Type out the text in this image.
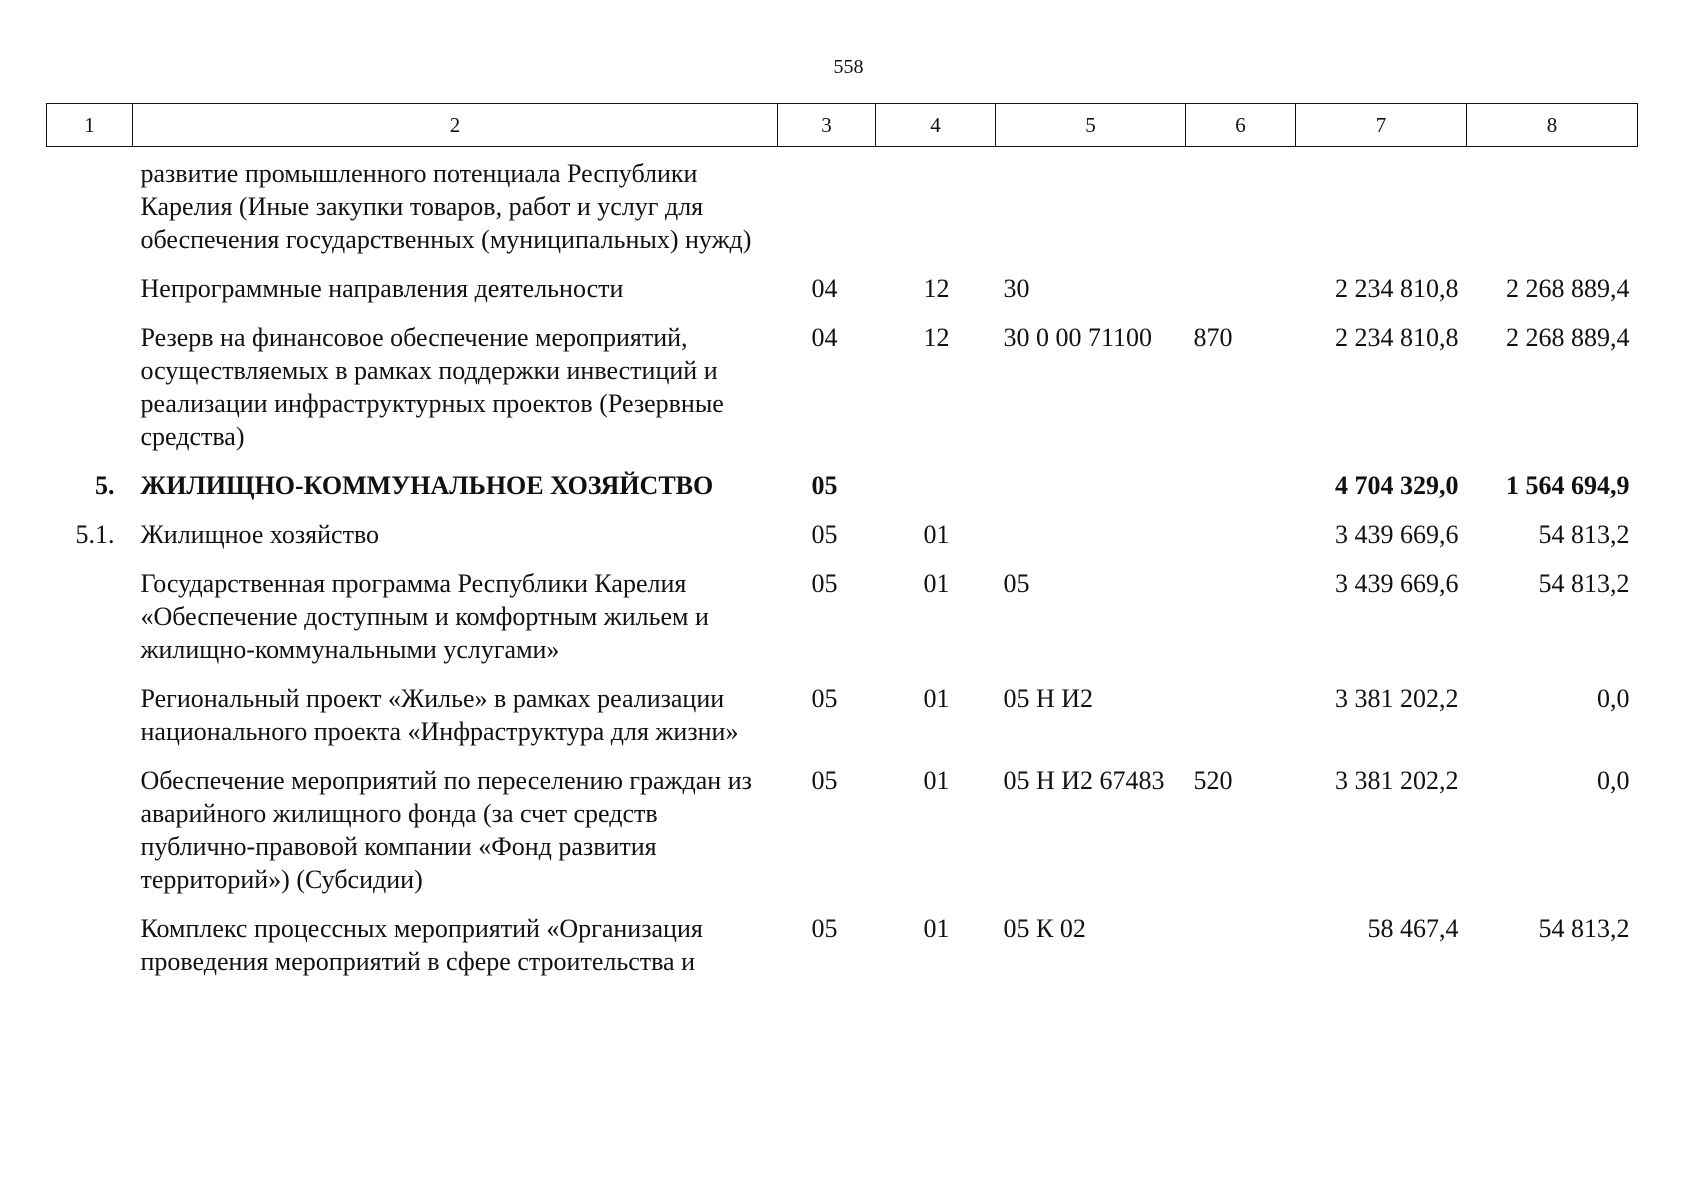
558
1	2	3	4	5	6	7	8
	развитие промышленного потенциала Республики Карелия (Иные закупки товаров, работ и услуг для обеспечения государственных (муниципальных) нужд)						
	Непрограммные направления деятельности	04	12	30		2 234 810,8	2 268 889,4
	Резерв на финансовое обеспечение мероприятий, осуществляемых в рамках поддержки инвестиций и реализации инфраструктурных проектов (Резервные средства)	04	12	30 0 00 71100	870	2 234 810,8	2 268 889,4
5.	ЖИЛИЩНО-КОММУНАЛЬНОЕ ХОЗЯЙСТВО	05				4 704 329,0	1 564 694,9
5.1.	Жилищное хозяйство	05	01			3 439 669,6	54 813,2
	Государственная программа Республики Карелия «Обеспечение доступным и комфортным жильем и жилищно-коммунальными услугами»	05	01	05		3 439 669,6	54 813,2
	Региональный проект «Жилье» в рамках реализации национального проекта «Инфраструктура для жизни»	05	01	05 Н И2		3 381 202,2	0,0
	Обеспечение мероприятий по переселению граждан из аварийного жилищного фонда (за счет средств публично-правовой компании «Фонд развития территорий») (Субсидии)	05	01	05 Н И2 67483	520	3 381 202,2	0,0
	Комплекс процессных мероприятий «Организация проведения мероприятий в сфере строительства и	05	01	05 К 02		58 467,4	54 813,2
